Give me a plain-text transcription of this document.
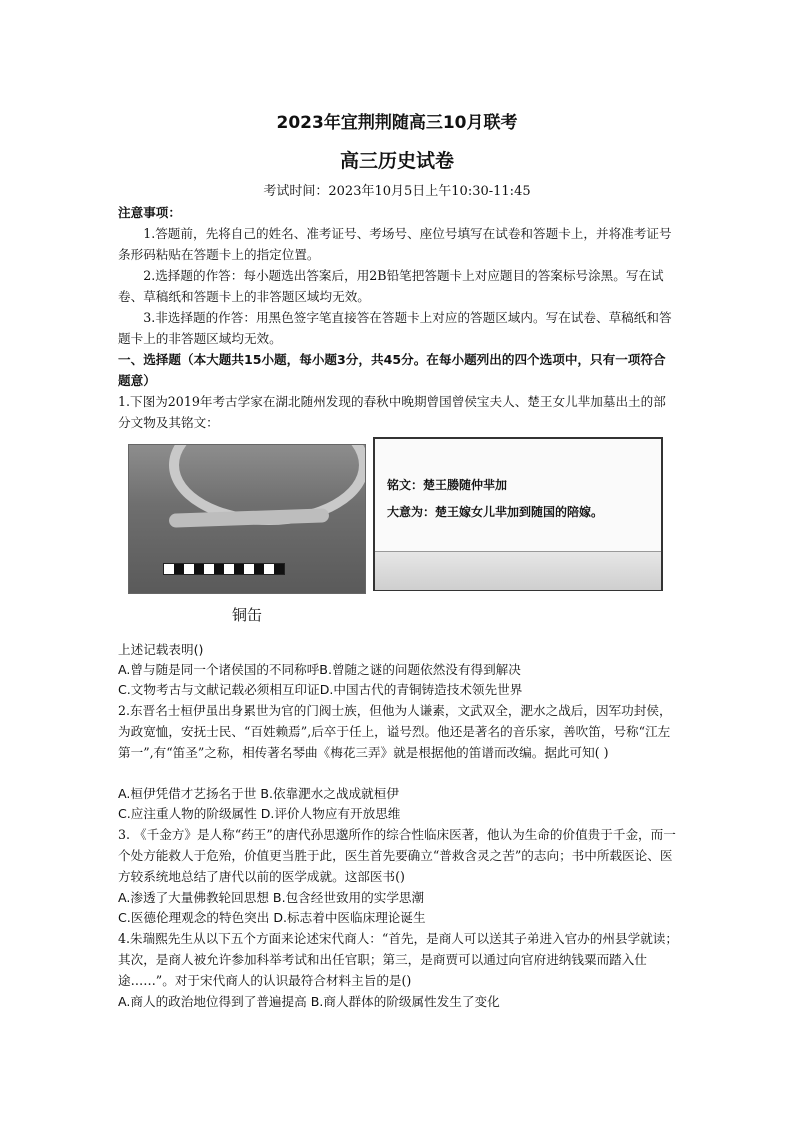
2023年宜荆荆随高三10月联考
高三历史试卷
考试时间：2023年10月5日上午10:30-11:45
注意事项：
1.答题前，先将自己的姓名、准考证号、考场号、座位号填写在试卷和答题卡上，并将准考证号条形码粘贴在答题卡上的指定位置。
2.选择题的作答：每小题选出答案后，用2B铅笔把答题卡上对应题目的答案标号涂黑。写在试卷、草稿纸和答题卡上的非答题区域均无效。
3.非选择题的作答：用黑色签字笔直接答在答题卡上对应的答题区域内。写在试卷、草稿纸和答题卡上的非答题区域均无效。
一、选择题（本大题共15小题，每小题3分，共45分。在每小题列出的四个选项中，只有一项符合题意）
1.下图为2019年考古学家在湖北随州发现的春秋中晚期曾国曾侯宝夫人、楚王女儿芈加墓出土的部分文物及其铭文：
铜缶
铭文：楚王媵随仲芈加
大意为：楚王嫁女儿芈加到随国的陪嫁。
上述记载表明()
A.曾与随是同一个诸侯国的不同称呼B.曾随之谜的问题依然没有得到解决
C.文物考古与文献记载必须相互印证D.中国古代的青铜铸造技术领先世界
2.东晋名士桓伊虽出身累世为官的门阀士族，但他为人谦素，文武双全，淝水之战后，因军功封侯，为政宽恤，安抚士民、“百姓赖焉”,后卒于任上，谥号烈。他还是著名的音乐家，善吹笛，号称“江左第一”,有“笛圣”之称，相传著名琴曲《梅花三弄》就是根据他的笛谱而改编。据此可知( )
A.桓伊凭借才艺扬名于世 B.依靠淝水之战成就桓伊
C.应注重人物的阶级属性 D.评价人物应有开放思维
3. 《千金方》是人称“药王”的唐代孙思邈所作的综合性临床医著，他认为生命的价值贵于千金，而一个处方能救人于危殆，价值更当胜于此，医生首先要确立“普救含灵之苦”的志向；书中所载医论、医方较系统地总结了唐代以前的医学成就。这部医书()
A.渗透了大量佛教轮回思想 B.包含经世致用的实学思潮
C.医德伦理观念的特色突出 D.标志着中医临床理论诞生
4.朱瑞熙先生从以下五个方面来论述宋代商人：“首先，是商人可以送其子弟进入官办的州县学就读；其次，是商人被允许参加科举考试和出任官职；第三，是商贾可以通过向官府进纳钱粟而踏入仕途……”。对于宋代商人的认识最符合材料主旨的是()
A.商人的政治地位得到了普遍提高 B.商人群体的阶级属性发生了变化
